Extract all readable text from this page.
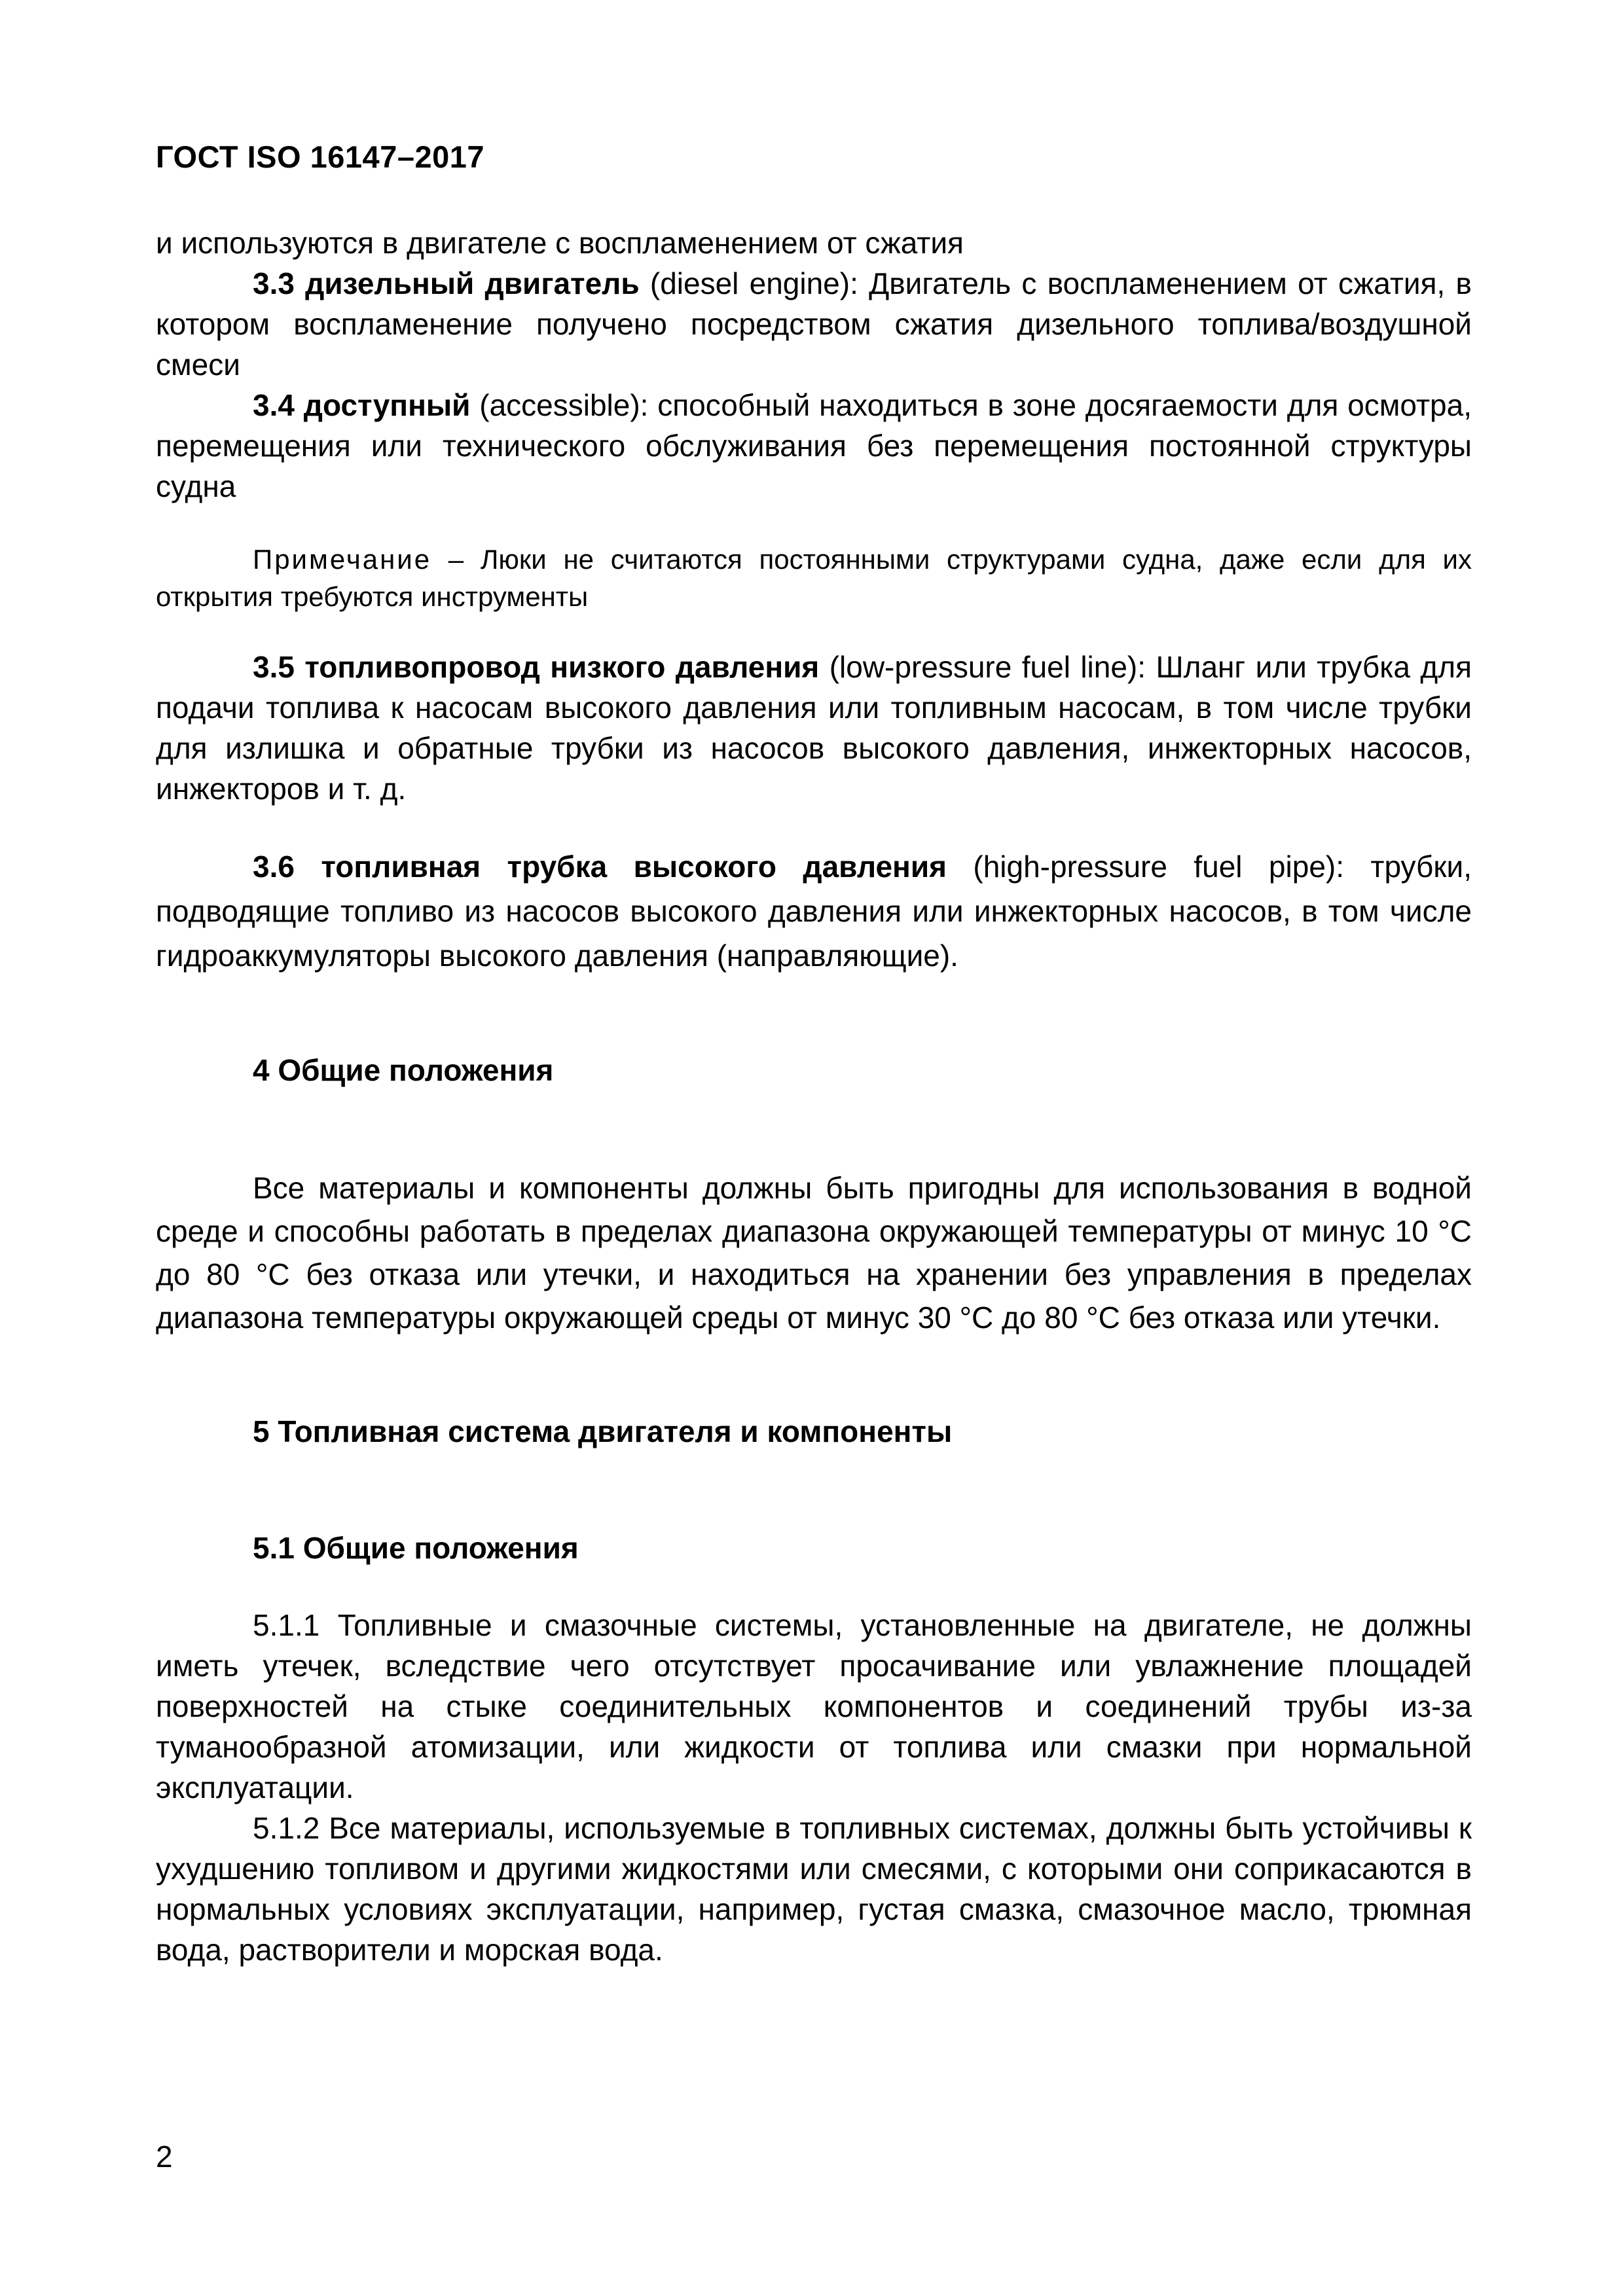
ГОСТ ISO 16147–2017

и используются в двигателе с воспламенением от сжатия

3.3 дизельный двигатель (diesel engine): Двигатель с воспламенением от сжатия, в котором воспламенение получено посредством сжатия дизельного топлива/воздушной смеси

3.4 доступный (accessible): способный находиться в зоне досягаемости для осмотра, перемещения или технического обслуживания без перемещения постоянной структуры судна

Примечание – Люки не считаются постоянными структурами судна, даже если для их открытия требуются инструменты

3.5 топливопровод низкого давления (low-pressure fuel line): Шланг или трубка для подачи топлива к насосам высокого давления или топливным насосам, в том числе трубки для излишка и обратные трубки из насосов высокого давления, инжекторных насосов, инжекторов и т. д.

3.6 топливная трубка высокого давления (high-pressure fuel pipe): трубки, подводящие топливо из насосов высокого давления или инжекторных насосов, в том числе гидроаккумуляторы высокого давления (направляющие).

4 Общие положения

Все материалы и компоненты должны быть пригодны для использования в водной среде и способны работать в пределах диапазона окружающей температуры от минус 10 °С до 80 °С без отказа или утечки, и находиться на хранении без управления в пределах диапазона температуры окружающей среды от минус 30 °С до 80 °С без отказа или утечки.

5 Топливная система двигателя и компоненты

5.1 Общие положения

5.1.1 Топливные и смазочные системы, установленные на двигателе, не должны иметь утечек, вследствие чего отсутствует просачивание или увлажнение площадей поверхностей на стыке соединительных компонентов и соединений трубы из-за туманообразной атомизации, или жидкости от топлива или смазки при нормальной эксплуатации.

5.1.2 Все материалы, используемые в топливных системах, должны быть устойчивы к ухудшению топливом и другими жидкостями или смесями, с которыми они соприкасаются в нормальных условиях эксплуатации, например, густая смазка, смазочное масло, трюмная вода, растворители и морская вода.

2
